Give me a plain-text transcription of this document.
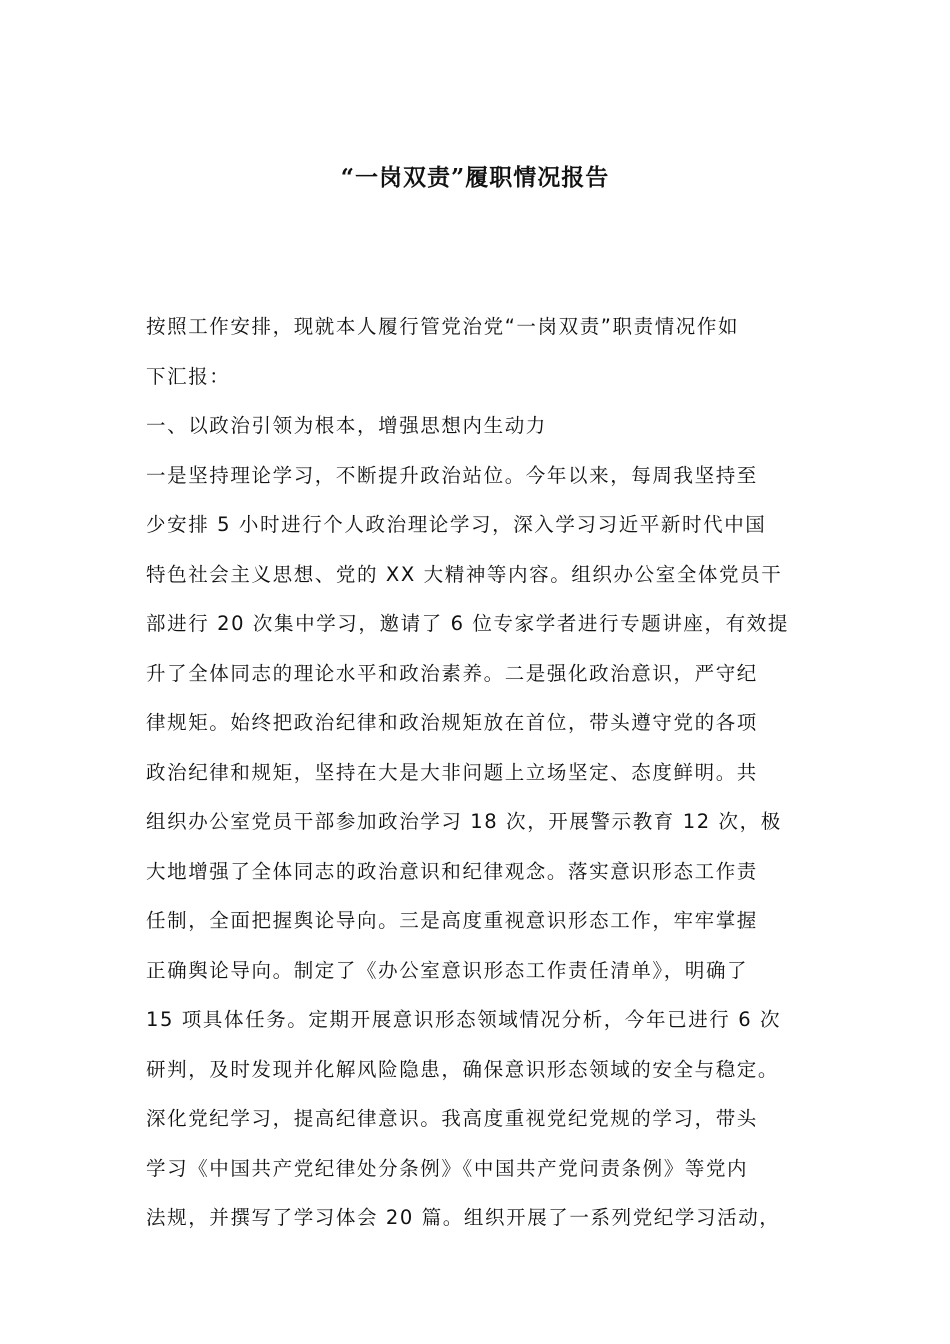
“一岗双责”履职情况报告
按照工作安排，现就本人履行管党治党“一岗双责”职责情况作如
下汇报：
一、以政治引领为根本，增强思想内生动力
一是坚持理论学习，不断提升政治站位。今年以来，每周我坚持至
少安排 5 小时进行个人政治理论学习，深入学习习近平新时代中国
特色社会主义思想、党的 XX 大精神等内容。组织办公室全体党员干
部进行 20 次集中学习，邀请了 6 位专家学者进行专题讲座，有效提
升了全体同志的理论水平和政治素养。二是强化政治意识，严守纪
律规矩。始终把政治纪律和政治规矩放在首位，带头遵守党的各项
政治纪律和规矩，坚持在大是大非问题上立场坚定、态度鲜明。共
组织办公室党员干部参加政治学习 18 次，开展警示教育 12 次，极
大地增强了全体同志的政治意识和纪律观念。落实意识形态工作责
任制，全面把握舆论导向。三是高度重视意识形态工作，牢牢掌握
正确舆论导向。制定了《办公室意识形态工作责任清单》，明确了
15 项具体任务。定期开展意识形态领域情况分析，今年已进行 6 次
研判，及时发现并化解风险隐患，确保意识形态领域的安全与稳定。
深化党纪学习，提高纪律意识。我高度重视党纪党规的学习，带头
学习《中国共产党纪律处分条例》《中国共产党问责条例》等党内
法规，并撰写了学习体会 20 篇。组织开展了一系列党纪学习活动，
